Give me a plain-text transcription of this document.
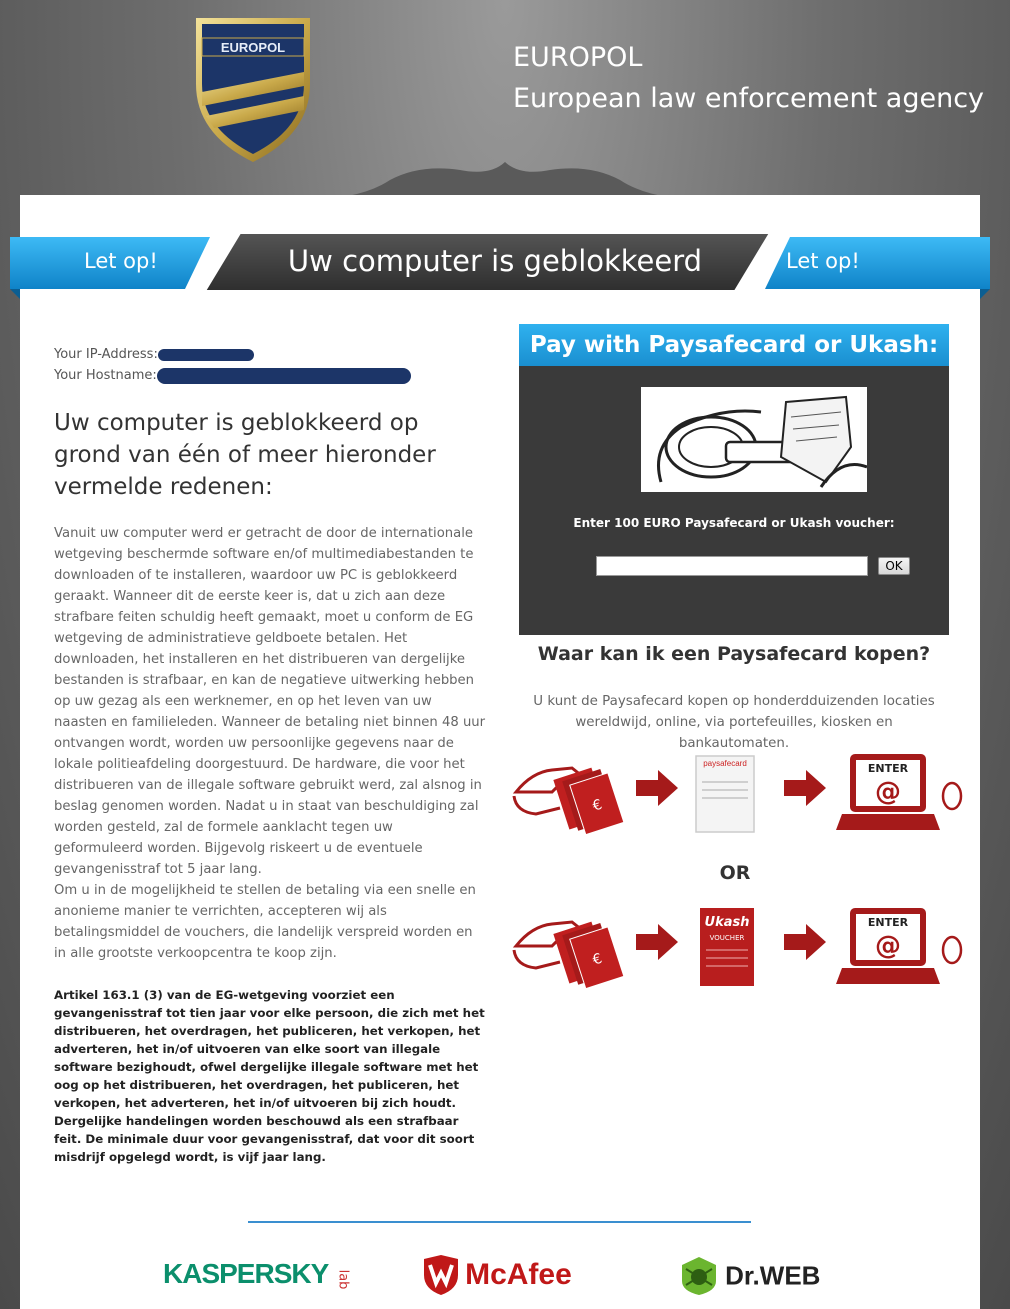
EUROPOL	EUROPOL
European law enforcement agency
Let op!	Uw computer is geblokkeerd	Let op!
Your IP-Address:
Your Hostname:
Uw computer is geblokkeerd op grond van één of meer hieronder vermelde redenen:
Vanuit uw computer werd er getracht de door de internationale wetgeving beschermde software en/of multimediabestanden te downloaden of te installeren, waardoor uw PC is geblokkeerd geraakt. Wanneer dit de eerste keer is, dat u zich aan deze strafbare feiten schuldig heeft gemaakt, moet u conform de EG wetgeving de administratieve geldboete betalen. Het downloaden, het installeren en het distribueren van dergelijke bestanden is strafbaar, en kan de negatieve uitwerking hebben op uw gezag als een werknemer, en op het leven van uw naasten en familieleden. Wanneer de betaling niet binnen 48 uur ontvangen wordt, worden uw persoonlijke gegevens naar de lokale politieafdeling doorgestuurd. De hardware, die voor het distribueren van de illegale software gebruikt werd, zal alsnog in beslag genomen worden. Nadat u in staat van beschuldiging zal worden gesteld, zal de formele aanklacht tegen uw geformuleerd worden. Bijgevolg riskeert u de eventuele gevangenisstraf tot 5 jaar lang.
Om u in de mogelijkheid te stellen de betaling via een snelle en anonieme manier te verrichten, accepteren wij als betalingsmiddel de vouchers, die landelijk verspreid worden en in alle grootste verkoopcentra te koop zijn.
Artikel 163.1 (3) van de EG-wetgeving voorziet een gevangenisstraf tot tien jaar voor elke persoon, die zich met het distribueren, het overdragen, het publiceren, het verkopen, het adverteren, het in/of uitvoeren van elke soort van illegale software bezighoudt, ofwel dergelijke illegale software met het oog op het distribueren, het overdragen, het publiceren, het verkopen, het adverteren, het in/of uitvoeren bij zich houdt. Dergelijke handelingen worden beschouwd als een strafbaar feit. De minimale duur voor gevangenisstraf, dat voor dit soort misdrijf opgelegd wordt, is vijf jaar lang.
Pay with Paysafecard or Ukash:
Enter 100 EURO Paysafecard or Ukash voucher:
OK
Waar kan ik een Paysafecard kopen?
U kunt de Paysafecard kopen op honderdduizenden locaties wereldwijd, online, via portefeuilles, kiosken en bankautomaten.
€
paysafecard	ENTER
@
OR
€
Ukash
VOUCHER
ENTER
@
KASPERSKY lab	McAfee	Dr.WEB
